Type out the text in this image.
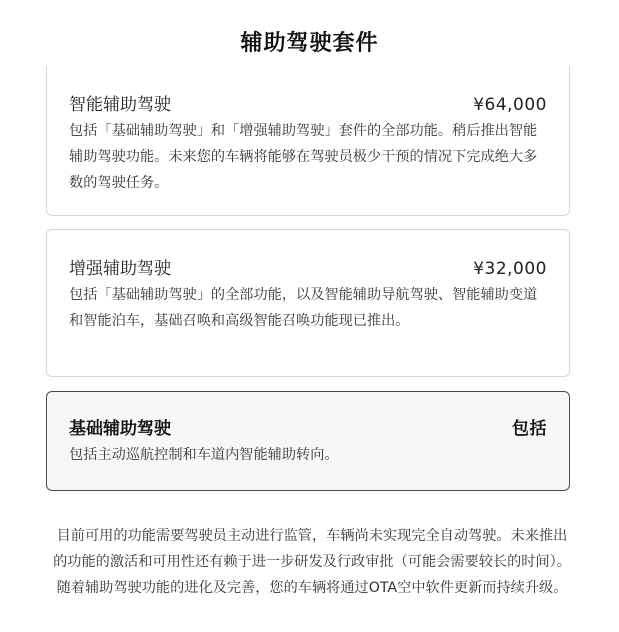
辅助驾驶套件
智能辅助驾驶	¥64,000
包括「基础辅助驾驶」和「增强辅助驾驶」套件的全部功能。稍后推出智能辅助驾驶功能。未来您的车辆将能够在驾驶员极少干预的情况下完成绝大多数的驾驶任务。
增强辅助驾驶	¥32,000
包括「基础辅助驾驶」的全部功能，以及智能辅助导航驾驶、智能辅助变道和智能泊车，基础召唤和高级智能召唤功能现已推出。
基础辅助驾驶	包括
包括主动巡航控制和车道内智能辅助转向。
目前可用的功能需要驾驶员主动进行监管，车辆尚未实现完全自动驾驶。未来推出的功能的激活和可用性还有赖于进一步研发及行政审批（可能会需要较长的时间）。随着辅助驾驶功能的进化及完善，您的车辆将通过OTA空中软件更新而持续升级。
